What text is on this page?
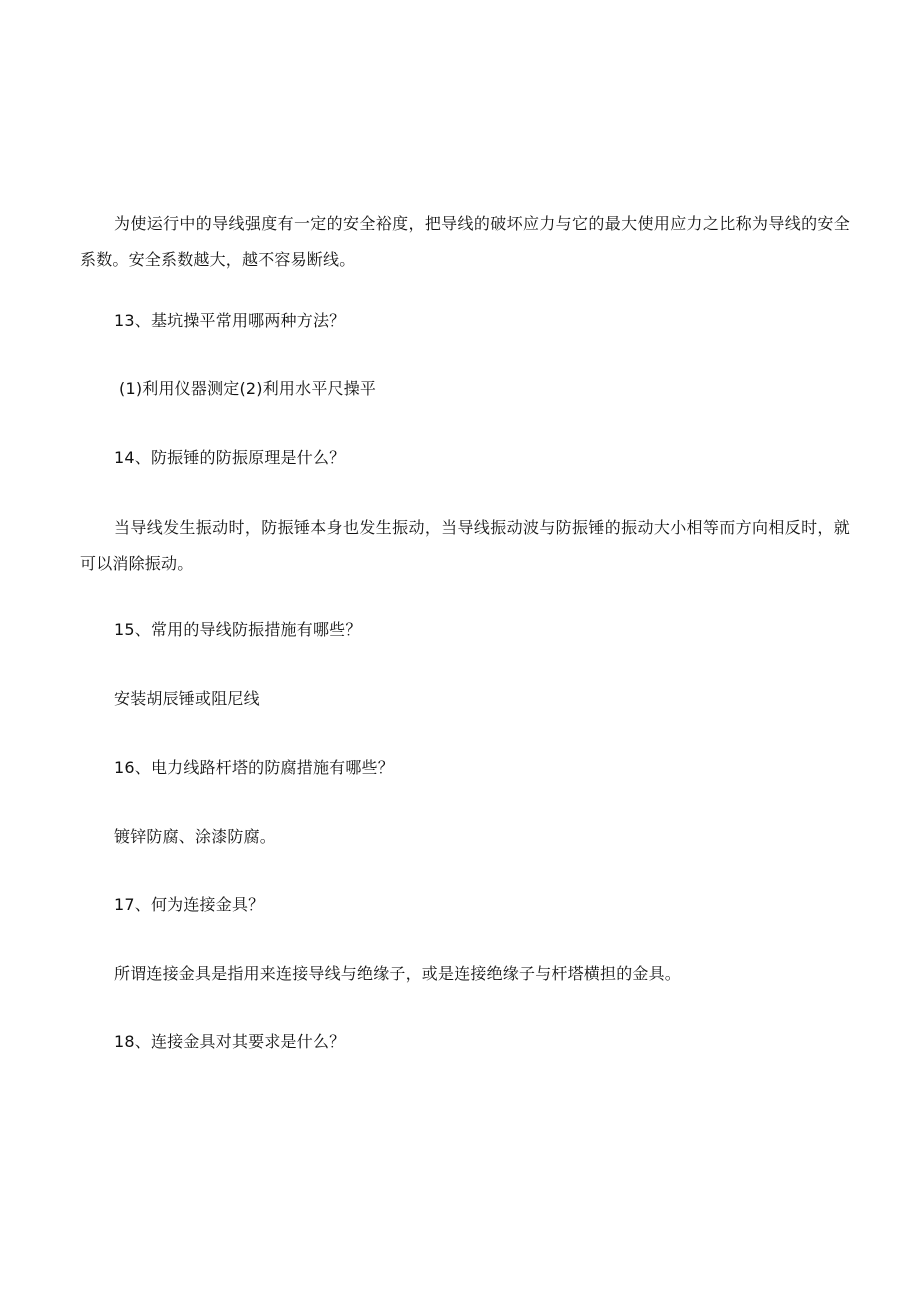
为使运行中的导线强度有一定的安全裕度，把导线的破坏应力与它的最大使用应力之比称为导线的安全系数。安全系数越大，越不容易断线。

13、基坑操平常用哪两种方法？

(1)利用仪器测定(2)利用水平尺操平

14、防振锤的防振原理是什么？

当导线发生振动时，防振锤本身也发生振动，当导线振动波与防振锤的振动大小相等而方向相反时，就可以消除振动。

15、常用的导线防振措施有哪些？

安装胡辰锤或阻尼线

16、电力线路杆塔的防腐措施有哪些？

镀锌防腐、涂漆防腐。

17、何为连接金具？

所谓连接金具是指用来连接导线与绝缘子，或是连接绝缘子与杆塔横担的金具。

18、连接金具对其要求是什么？
